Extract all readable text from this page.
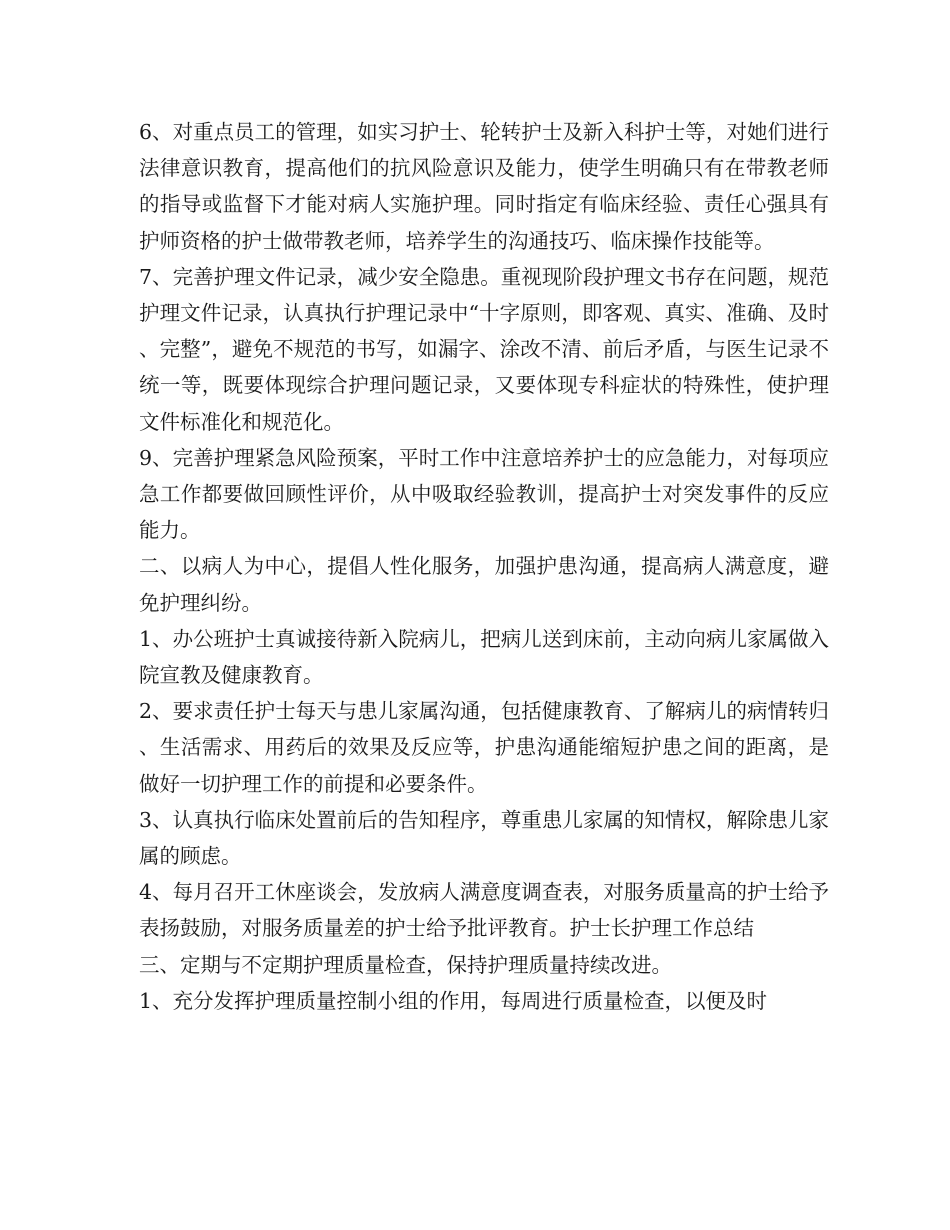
6、对重点员工的管理，如实习护士、轮转护士及新入科护士等，对她们进行法律意识教育，提高他们的抗风险意识及能力，使学生明确只有在带教老师的指导或监督下才能对病人实施护理。同时指定有临床经验、责任心强具有护师资格的护士做带教老师，培养学生的沟通技巧、临床操作技能等。

7、完善护理文件记录，减少安全隐患。重视现阶段护理文书存在问题，规范护理文件记录，认真执行护理记录中“十字原则，即客观、真实、准确、及时、完整”，避免不规范的书写，如漏字、涂改不清、前后矛盾，与医生记录不统一等，既要体现综合护理问题记录，又要体现专科症状的特殊性，使护理文件标准化和规范化。

9、完善护理紧急风险预案，平时工作中注意培养护士的应急能力，对每项应急工作都要做回顾性评价，从中吸取经验教训，提高护士对突发事件的反应能力。

二、以病人为中心，提倡人性化服务，加强护患沟通，提高病人满意度，避免护理纠纷。

1、办公班护士真诚接待新入院病儿，把病儿送到床前，主动向病儿家属做入院宣教及健康教育。

2、要求责任护士每天与患儿家属沟通，包括健康教育、了解病儿的病情转归、生活需求、用药后的效果及反应等，护患沟通能缩短护患之间的距离，是做好一切护理工作的前提和必要条件。

3、认真执行临床处置前后的告知程序，尊重患儿家属的知情权，解除患儿家属的顾虑。

4、每月召开工休座谈会，发放病人满意度调查表，对服务质量高的护士给予表扬鼓励，对服务质量差的护士给予批评教育。护士长护理工作总结

三、定期与不定期护理质量检查，保持护理质量持续改进。

1、充分发挥护理质量控制小组的作用，每周进行质量检查，以便及时
